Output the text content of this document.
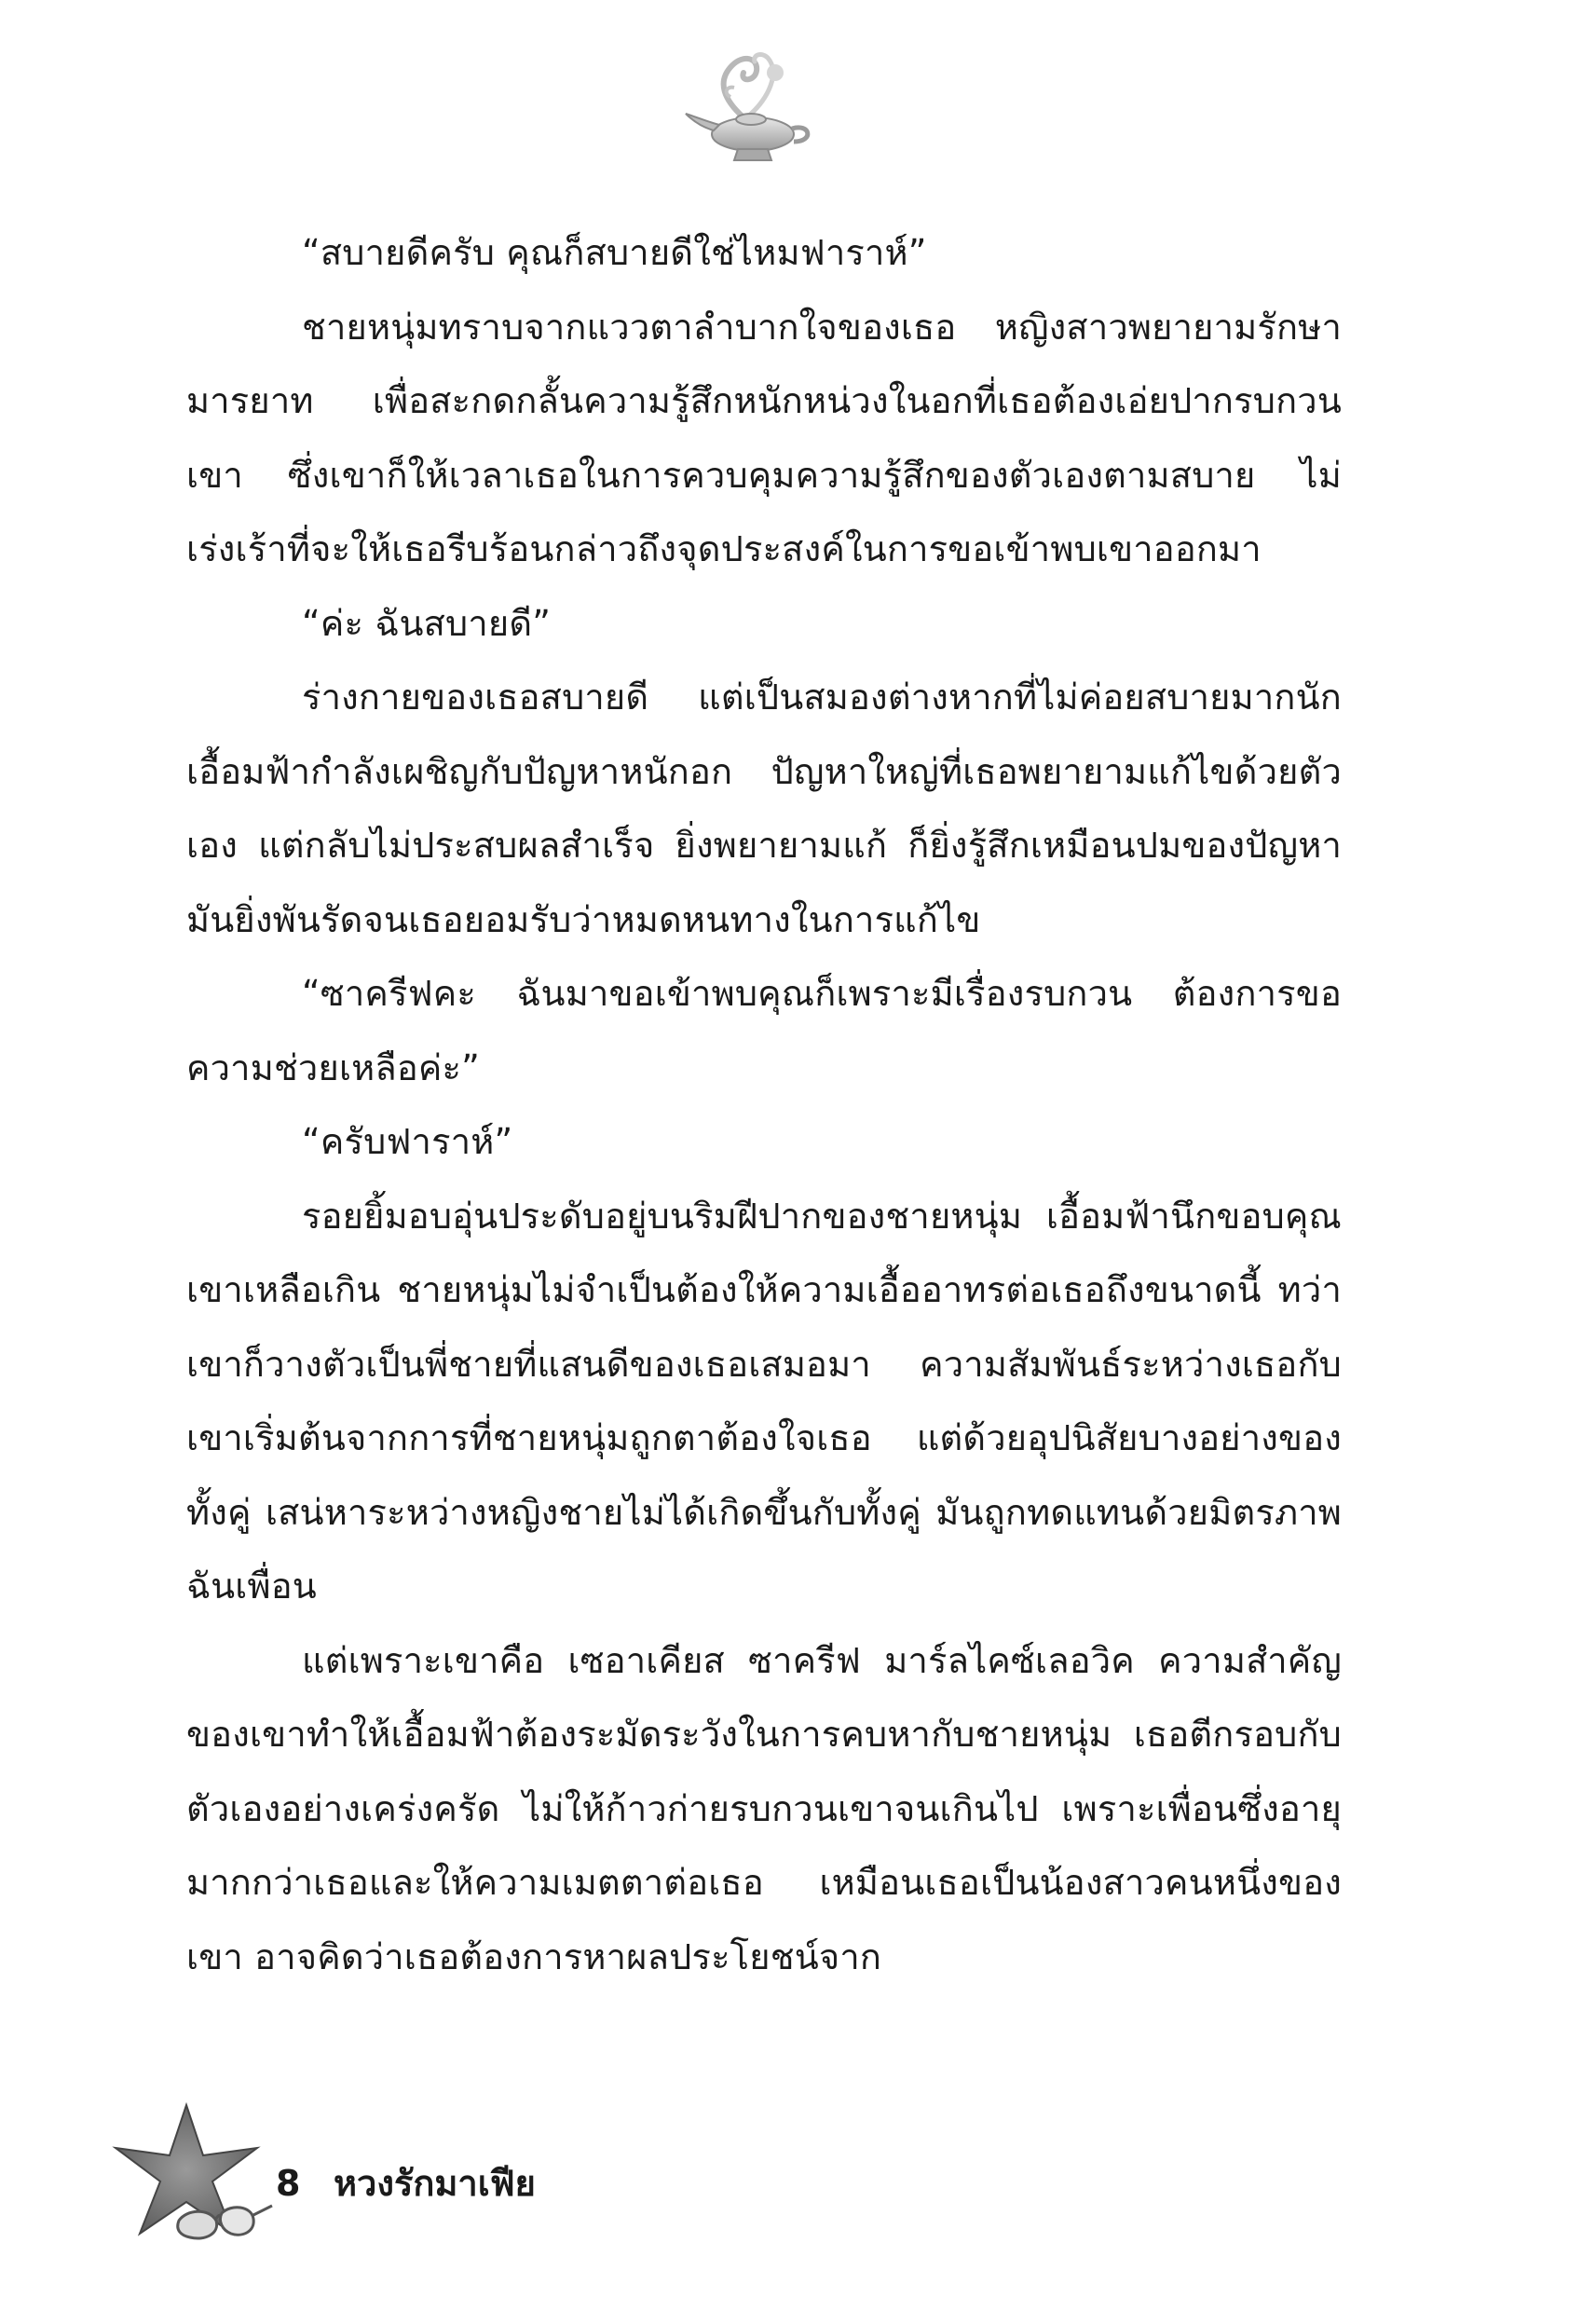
“สบายดีครับ คุณก็สบายดีใช่ไหมฟาราห์”

ชายหนุ่มทราบจากแววตาลำบากใจของเธอ หญิงสาวพยายามรักษามารยาท เพื่อสะกดกลั้นความรู้สึกหนักหน่วงในอกที่เธอต้องเอ่ยปากรบกวนเขา ซึ่งเขาก็ให้เวลาเธอในการควบคุมความรู้สึกของตัวเองตามสบาย ไม่เร่งเร้าที่จะให้เธอรีบร้อนกล่าวถึงจุดประสงค์ในการขอเข้าพบเขาออกมา

“ค่ะ ฉันสบายดี”

ร่างกายของเธอสบายดี แต่เป็นสมองต่างหากที่ไม่ค่อยสบายมากนัก เอื้อมฟ้ากำลังเผชิญกับปัญหาหนักอก ปัญหาใหญ่ที่เธอพยายามแก้ไขด้วยตัวเอง แต่กลับไม่ประสบผลสำเร็จ ยิ่งพยายามแก้ ก็ยิ่งรู้สึกเหมือนปมของปัญหามันยิ่งพันรัดจนเธอยอมรับว่าหมดหนทางในการแก้ไข

“ซาครีฟคะ ฉันมาขอเข้าพบคุณก็เพราะมีเรื่องรบกวน ต้องการขอความช่วยเหลือค่ะ”

“ครับฟาราห์”

รอยยิ้มอบอุ่นประดับอยู่บนริมฝีปากของชายหนุ่ม เอื้อมฟ้านึกขอบคุณเขาเหลือเกิน ชายหนุ่มไม่จำเป็นต้องให้ความเอื้ออาทรต่อเธอถึงขนาดนี้ ทว่าเขาก็วางตัวเป็นพี่ชายที่แสนดีของเธอเสมอมา ความสัมพันธ์ระหว่างเธอกับเขาเริ่มต้นจากการที่ชายหนุ่มถูกตาต้องใจเธอ แต่ด้วยอุปนิสัยบางอย่างของทั้งคู่ เสน่หาระหว่างหญิงชายไม่ได้เกิดขึ้นกับทั้งคู่ มันถูกทดแทนด้วยมิตรภาพฉันเพื่อน

แต่เพราะเขาคือ เซอาเคียส ซาครีฟ มาร์ลไคซ์เลอวิค ความสำคัญของเขาทำให้เอื้อมฟ้าต้องระมัดระวังในการคบหากับชายหนุ่ม เธอตีกรอบกับตัวเองอย่างเคร่งครัด ไม่ให้ก้าวก่ายรบกวนเขาจนเกินไป เพราะเพื่อนซึ่งอายุมากกว่าเธอและให้ความเมตตาต่อเธอ เหมือนเธอเป็นน้องสาวคนหนึ่งของเขา อาจคิดว่าเธอต้องการหาผลประโยชน์จาก

8 หวงรักมาเฟีย
